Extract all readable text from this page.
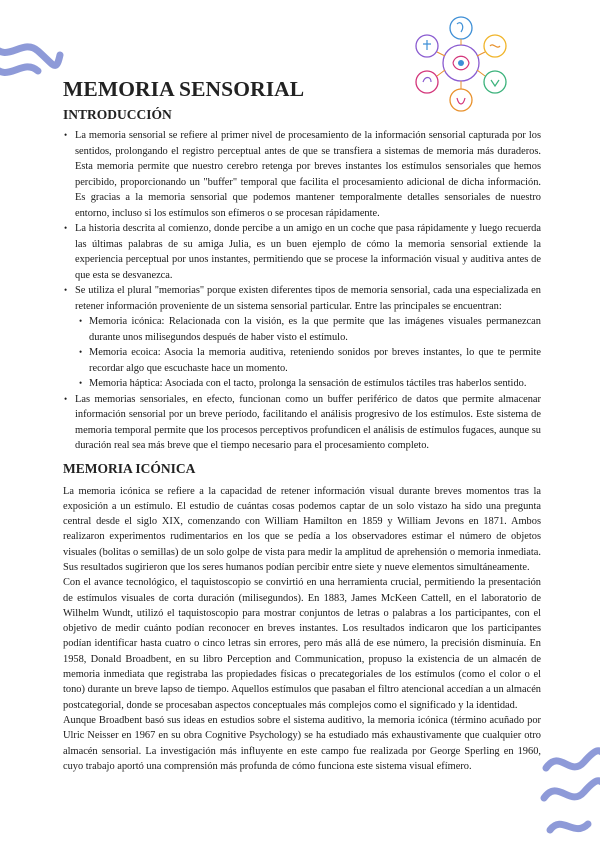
MEMORIA SENSORIAL
INTRODUCCIÓN
• La memoria sensorial se refiere al primer nivel de procesamiento de la información sensorial capturada por los sentidos, prolongando el registro perceptual antes de que se transfiera a sistemas de memoria más duraderos. Esta memoria permite que nuestro cerebro retenga por breves instantes los estímulos sensoriales que hemos percibido, proporcionando un "buffer" temporal que facilita el procesamiento adicional de dicha información. Es gracias a la memoria sensorial que podemos mantener temporalmente detalles sensoriales de nuestro entorno, incluso si los estímulos son efímeros o se procesan rápidamente.
• La historia descrita al comienzo, donde percibe a un amigo en un coche que pasa rápidamente y luego recuerda las últimas palabras de su amiga Julia, es un buen ejemplo de cómo la memoria sensorial extiende la experiencia perceptual por unos instantes, permitiendo que se procese la información visual y auditiva antes de que esta se desvanezca.
• Se utiliza el plural "memorias" porque existen diferentes tipos de memoria sensorial, cada una especializada en retener información proveniente de un sistema sensorial particular. Entre las principales se encuentran:
• Memoria icónica: Relacionada con la visión, es la que permite que las imágenes visuales permanezcan durante unos milisegundos después de haber visto el estímulo.
• Memoria ecoica: Asocia la memoria auditiva, reteniendo sonidos por breves instantes, lo que te permite recordar algo que escuchaste hace un momento.
• Memoria háptica: Asociada con el tacto, prolonga la sensación de estímulos táctiles tras haberlos sentido.
• Las memorias sensoriales, en efecto, funcionan como un buffer periférico de datos que permite almacenar información sensorial por un breve período, facilitando el análisis progresivo de los estímulos. Este sistema de memoria temporal permite que los procesos perceptivos profundicen el análisis de estímulos fugaces, aunque su duración real sea más breve que el tiempo necesario para el procesamiento completo.
MEMORIA ICÓNICA

La memoria icónica se refiere a la capacidad de retener información visual durante breves momentos tras la exposición a un estímulo. El estudio de cuántas cosas podemos captar de un solo vistazo ha sido una pregunta central desde el siglo XIX, comenzando con William Hamilton en 1859 y William Jevons en 1871. Ambos realizaron experimentos rudimentarios en los que se pedía a los observadores estimar el número de objetos visuales (bolitas o semillas) de un solo golpe de vista para medir la amplitud de aprehensión o memoria inmediata. Sus resultados sugirieron que los seres humanos podían percibir entre siete y nueve elementos simultáneamente.

Con el avance tecnológico, el taquistoscopio se convirtió en una herramienta crucial, permitiendo la presentación de estímulos visuales de corta duración (milisegundos). En 1883, James McKeen Cattell, en el laboratorio de Wilhelm Wundt, utilizó el taquistoscopio para mostrar conjuntos de letras o palabras a los participantes, con el objetivo de medir cuánto podían reconocer en breves instantes. Los resultados indicaron que los participantes podían identificar hasta cuatro o cinco letras sin errores, pero más allá de ese número, la precisión disminuía. En 1958, Donald Broadbent, en su libro Perception and Communication, propuso la existencia de un almacén de memoria inmediata que registraba las propiedades físicas o precategoriales de los estímulos (como el color o el tono) durante un breve lapso de tiempo. Aquellos estímulos que pasaban el filtro atencional accedían a un almacén postcategorial, donde se procesaban aspectos conceptuales más complejos como el significado y la identidad.

Aunque Broadbent basó sus ideas en estudios sobre el sistema auditivo, la memoria icónica (término acuñado por Ulric Neisser en 1967 en su obra Cognitive Psychology) se ha estudiado más exhaustivamente que cualquier otro almacén sensorial. La investigación más influyente en este campo fue realizada por George Sperling en 1960, cuyo trabajo aportó una comprensión más profunda de cómo funciona este sistema visual efímero.
